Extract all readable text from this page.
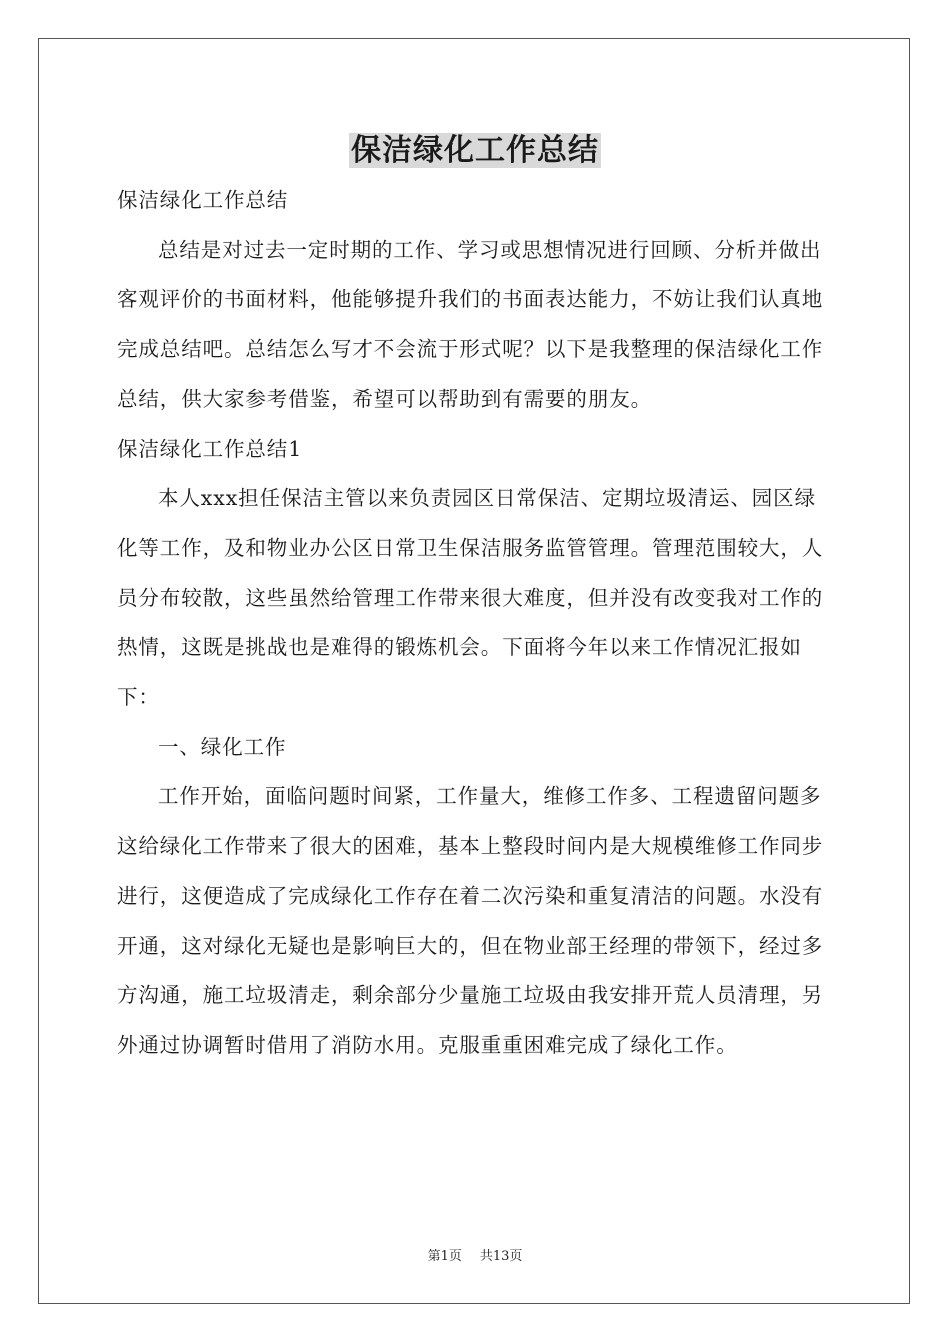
保洁绿化工作总结

保洁绿化工作总结

总结是对过去一定时期的工作、学习或思想情况进行回顾、分析并做出客观评价的书面材料，他能够提升我们的书面表达能力，不妨让我们认真地完成总结吧。总结怎么写才不会流于形式呢？以下是我整理的保洁绿化工作总结，供大家参考借鉴，希望可以帮助到有需要的朋友。

保洁绿化工作总结1

本人xxx担任保洁主管以来负责园区日常保洁、定期垃圾清运、园区绿化等工作，及和物业办公区日常卫生保洁服务监管管理。管理范围较大，人员分布较散，这些虽然给管理工作带来很大难度，但并没有改变我对工作的热情，这既是挑战也是难得的锻炼机会。下面将今年以来工作情况汇报如下：

一、绿化工作

工作开始，面临问题时间紧，工作量大，维修工作多、工程遗留问题多这给绿化工作带来了很大的困难，基本上整段时间内是大规模维修工作同步进行，这便造成了完成绿化工作存在着二次污染和重复清洁的问题。水没有开通，这对绿化无疑也是影响巨大的，但在物业部王经理的带领下，经过多方沟通，施工垃圾清走，剩余部分少量施工垃圾由我安排开荒人员清理，另外通过协调暂时借用了消防水用。克服重重困难完成了绿化工作。

第1页 共13页
